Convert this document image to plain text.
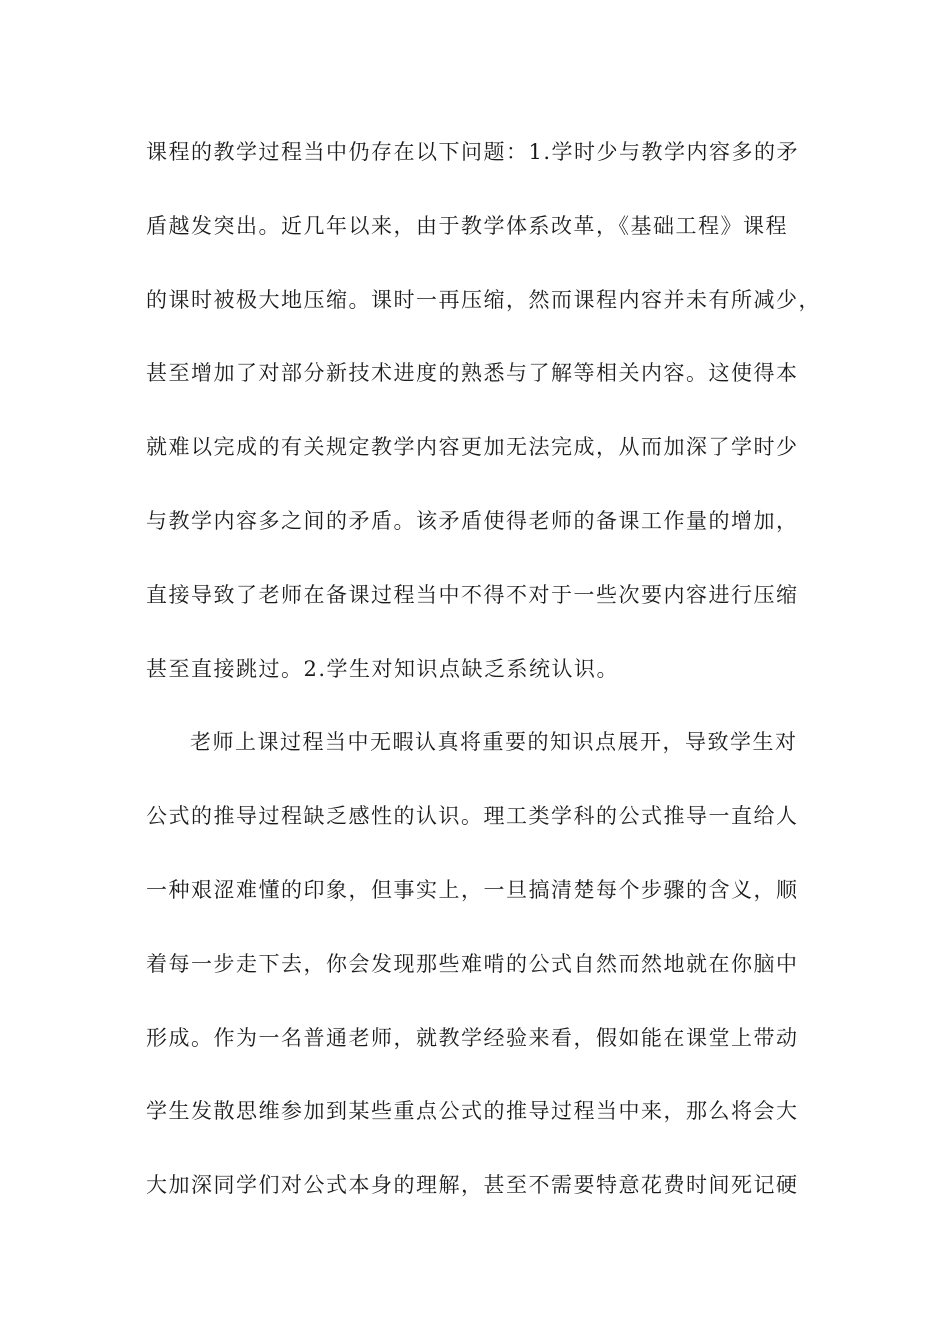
课程的教学过程当中仍存在以下问题：1.学时少与教学内容多的矛
盾越发突出。近几年以来，由于教学体系改革，《基础工程》课程
的课时被极大地压缩。课时一再压缩，然而课程内容并未有所减少，
甚至增加了对部分新技术进度的熟悉与了解等相关内容。这使得本
就难以完成的有关规定教学内容更加无法完成，从而加深了学时少
与教学内容多之间的矛盾。该矛盾使得老师的备课工作量的增加，
直接导致了老师在备课过程当中不得不对于一些次要内容进行压缩
甚至直接跳过。2.学生对知识点缺乏系统认识。
老师上课过程当中无暇认真将重要的知识点展开，导致学生对
公式的推导过程缺乏感性的认识。理工类学科的公式推导一直给人
一种艰涩难懂的印象，但事实上，一旦搞清楚每个步骤的含义，顺
着每一步走下去，你会发现那些难啃的公式自然而然地就在你脑中
形成。作为一名普通老师，就教学经验来看，假如能在课堂上带动
学生发散思维参加到某些重点公式的推导过程当中来，那么将会大
大加深同学们对公式本身的理解，甚至不需要特意花费时间死记硬
